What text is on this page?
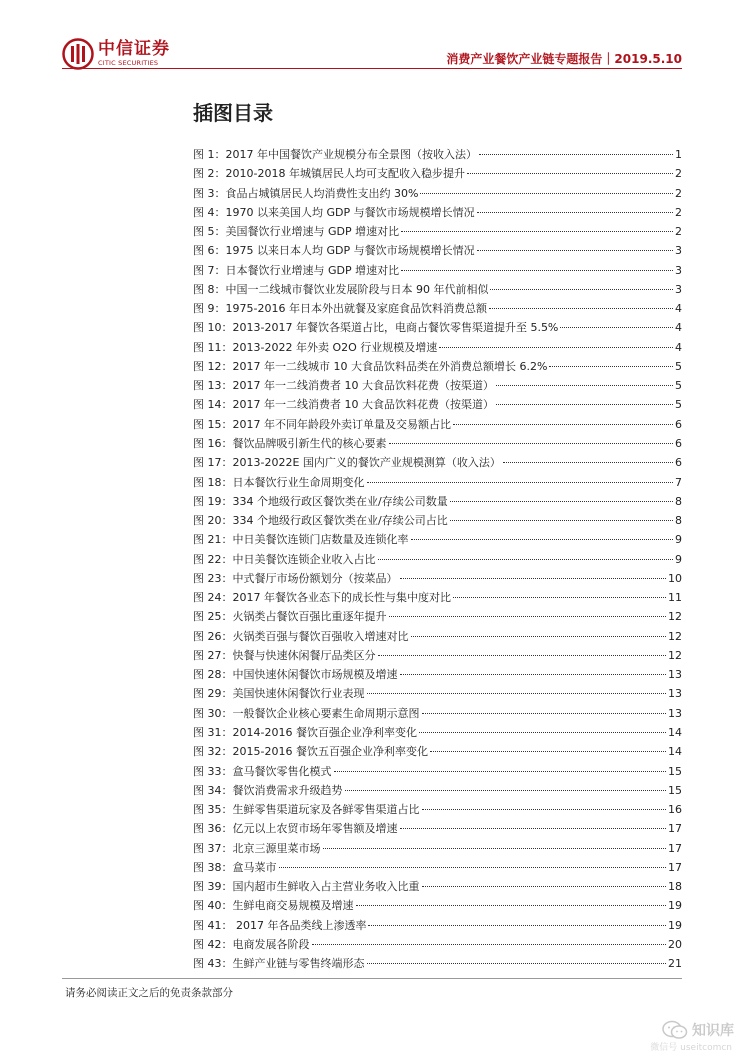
中信证券
CITIC SECURITIES	消费产业餐饮产业链专题报告｜2019.5.10
插图目录
图 1：2017 年中国餐饮产业规模分布全景图（按收入法）	1
图 2：2010-2018 年城镇居民人均可支配收入稳步提升	2
图 3：食品占城镇居民人均消费性支出约 30%	2
图 4：1970 以来美国人均 GDP 与餐饮市场规模增长情况	2
图 5：美国餐饮行业增速与 GDP 增速对比	2
图 6：1975 以来日本人均 GDP 与餐饮市场规模增长情况	3
图 7：日本餐饮行业增速与 GDP 增速对比	3
图 8：中国一二线城市餐饮业发展阶段与日本 90 年代前相似	3
图 9：1975-2016 年日本外出就餐及家庭食品饮料消费总额	4
图 10：2013-2017 年餐饮各渠道占比，电商占餐饮零售渠道提升至 5.5%	4
图 11：2013-2022 年外卖 O2O 行业规模及增速	4
图 12：2017 年一二线城市 10 大食品饮料品类在外消费总额增长 6.2%	5
图 13：2017 年一二线消费者 10 大食品饮料花费（按渠道）	5
图 14：2017 年一二线消费者 10 大食品饮料花费（按渠道）	5
图 15：2017 年不同年龄段外卖订单量及交易额占比	6
图 16：餐饮品牌吸引新生代的核心要素	6
图 17：2013-2022E 国内广义的餐饮产业规模测算（收入法）	6
图 18：日本餐饮行业生命周期变化	7
图 19：334 个地级行政区餐饮类在业/存续公司数量	8
图 20：334 个地级行政区餐饮类在业/存续公司占比	8
图 21：中日美餐饮连锁门店数量及连锁化率	9
图 22：中日美餐饮连锁企业收入占比	9
图 23：中式餐厅市场份额划分（按菜品）	10
图 24：2017 年餐饮各业态下的成长性与集中度对比	11
图 25：火锅类占餐饮百强比重逐年提升	12
图 26：火锅类百强与餐饮百强收入增速对比	12
图 27：快餐与快速休闲餐厅品类区分	12
图 28：中国快速休闲餐饮市场规模及增速	13
图 29：美国快速休闲餐饮行业表现	13
图 30：一般餐饮企业核心要素生命周期示意图	13
图 31：2014-2016 餐饮百强企业净利率变化	14
图 32：2015-2016 餐饮五百强企业净利率变化	14
图 33：盒马餐饮零售化模式	15
图 34：餐饮消费需求升级趋势	15
图 35：生鲜零售渠道玩家及各鲜零售渠道占比	16
图 36：亿元以上农贸市场年零售额及增速	17
图 37：北京三源里菜市场	17
图 38：盒马菜市	17
图 39：国内超市生鲜收入占主营业务收入比重	18
图 40：生鲜电商交易规模及增速	19
图 41： 2017 年各品类线上渗透率	19
图 42：电商发展各阶段	20
图 43：生鲜产业链与零售终端形态	21
请务必阅读正文之后的免责条款部分
知识库
微信号 useitcomcn
